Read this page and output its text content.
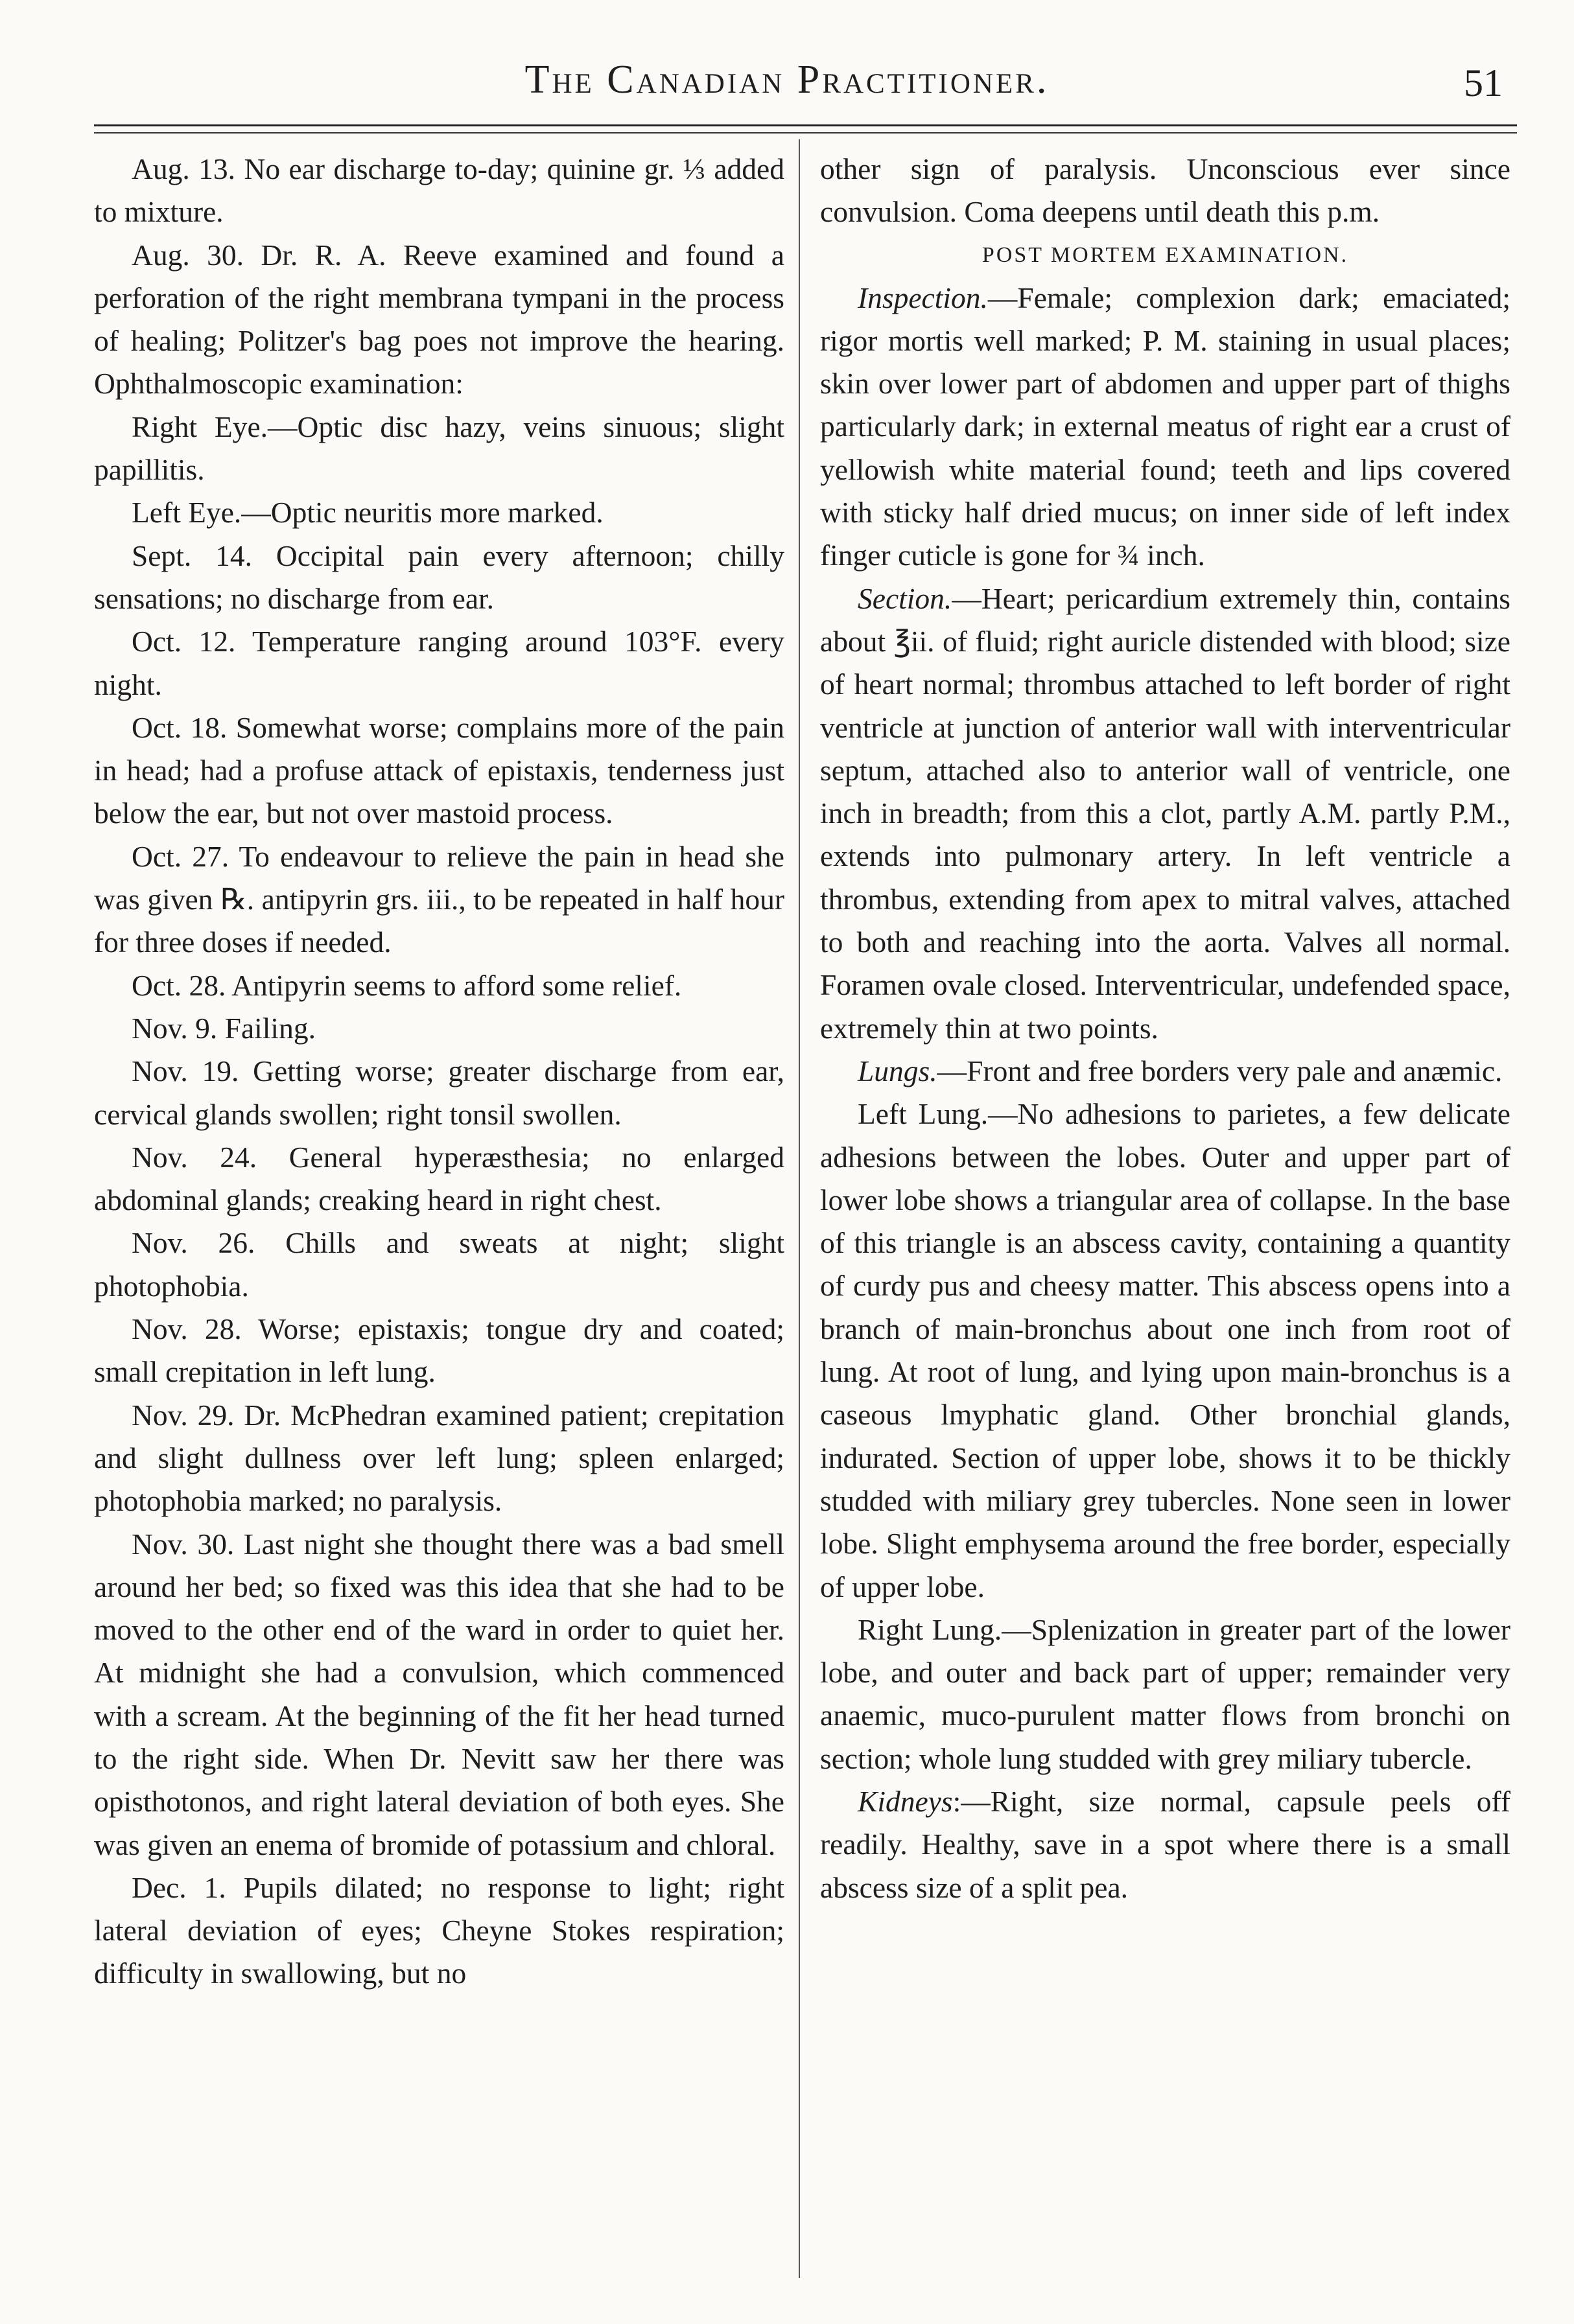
The Canadian Practitioner.	51

Aug. 13. No ear discharge to-day; quinine gr. ⅓ added to mixture.

Aug. 30. Dr. R. A. Reeve examined and found a perforation of the right membrana tympani in the process of healing; Politzer's bag poes not improve the hearing. Ophthalmoscopic examination:

Right Eye.—Optic disc hazy, veins sinuous; slight papillitis.

Left Eye.—Optic neuritis more marked.

Sept. 14. Occipital pain every afternoon; chilly sensations; no discharge from ear.

Oct. 12. Temperature ranging around 103°F. every night.

Oct. 18. Somewhat worse; complains more of the pain in head; had a profuse attack of epistaxis, tenderness just below the ear, but not over mastoid process.

Oct. 27. To endeavour to relieve the pain in head she was given ℞. antipyrin grs. iii., to be repeated in half hour for three doses if needed.

Oct. 28. Antipyrin seems to afford some relief.

Nov. 9. Failing.

Nov. 19. Getting worse; greater discharge from ear, cervical glands swollen; right tonsil swollen.

Nov. 24. General hyperæsthesia; no enlarged abdominal glands; creaking heard in right chest.

Nov. 26. Chills and sweats at night; slight photophobia.

Nov. 28. Worse; epistaxis; tongue dry and coated; small crepitation in left lung.

Nov. 29. Dr. McPhedran examined patient; crepitation and slight dullness over left lung; spleen enlarged; photophobia marked; no paralysis.

Nov. 30. Last night she thought there was a bad smell around her bed; so fixed was this idea that she had to be moved to the other end of the ward in order to quiet her. At midnight she had a convulsion, which commenced with a scream. At the beginning of the fit her head turned to the right side. When Dr. Nevitt saw her there was opisthotonos, and right lateral deviation of both eyes. She was given an enema of bromide of potassium and chloral.

Dec. 1. Pupils dilated; no response to light; right lateral deviation of eyes; Cheyne Stokes respiration; difficulty in swallowing, but no

other sign of paralysis. Unconscious ever since convulsion. Coma deepens until death this p.m.

POST MORTEM EXAMINATION.

Inspection.—Female; complexion dark; emaciated; rigor mortis well marked; P. M. staining in usual places; skin over lower part of abdomen and upper part of thighs particularly dark; in external meatus of right ear a crust of yellowish white material found; teeth and lips covered with sticky half dried mucus; on inner side of left index finger cuticle is gone for ¾ inch.

Section.—Heart; pericardium extremely thin, contains about ℥ii. of fluid; right auricle distended with blood; size of heart normal; thrombus attached to left border of right ventricle at junction of anterior wall with interventricular septum, attached also to anterior wall of ventricle, one inch in breadth; from this a clot, partly A.M. partly P.M., extends into pulmonary artery. In left ventricle a thrombus, extending from apex to mitral valves, attached to both and reaching into the aorta. Valves all normal. Foramen ovale closed. Interventricular, undefended space, extremely thin at two points.

Lungs.—Front and free borders very pale and anæmic.

Left Lung.—No adhesions to parietes, a few delicate adhesions between the lobes. Outer and upper part of lower lobe shows a triangular area of collapse. In the base of this triangle is an abscess cavity, containing a quantity of curdy pus and cheesy matter. This abscess opens into a branch of main-bronchus about one inch from root of lung. At root of lung, and lying upon main-bronchus is a caseous lmyphatic gland. Other bronchial glands, indurated. Section of upper lobe, shows it to be thickly studded with miliary grey tubercles. None seen in lower lobe. Slight emphysema around the free border, especially of upper lobe.

Right Lung.—Splenization in greater part of the lower lobe, and outer and back part of upper; remainder very anaemic, muco-purulent matter flows from bronchi on section; whole lung studded with grey miliary tubercle.

Kidneys:—Right, size normal, capsule peels off readily. Healthy, save in a spot where there is a small abscess size of a split pea.
